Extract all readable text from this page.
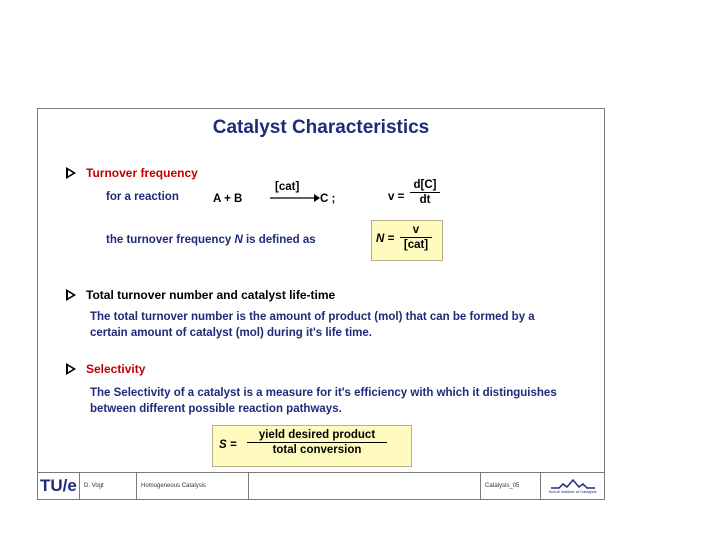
Catalyst Characteristics
Turnover frequency
for a reaction	A + B
[cat]
→ C ;	v =
d[C]
dt
the turnover frequency N is defined as	N =
v
[cat]
Total turnover number and catalyst life-time
The total turnover number is the amount of product (mol) that can be formed by a certain amount of catalyst (mol) during it's life time.
Selectivity
The Selectivity of a catalyst is a measure for it's efficiency with which it distinguishes between different possible reaction pathways.
S =
yield desired product
total conversion
TU/e	D. Vogt	Homogeneous Catalysis	Catalysis_05
Schuit Institute of Catalysis
